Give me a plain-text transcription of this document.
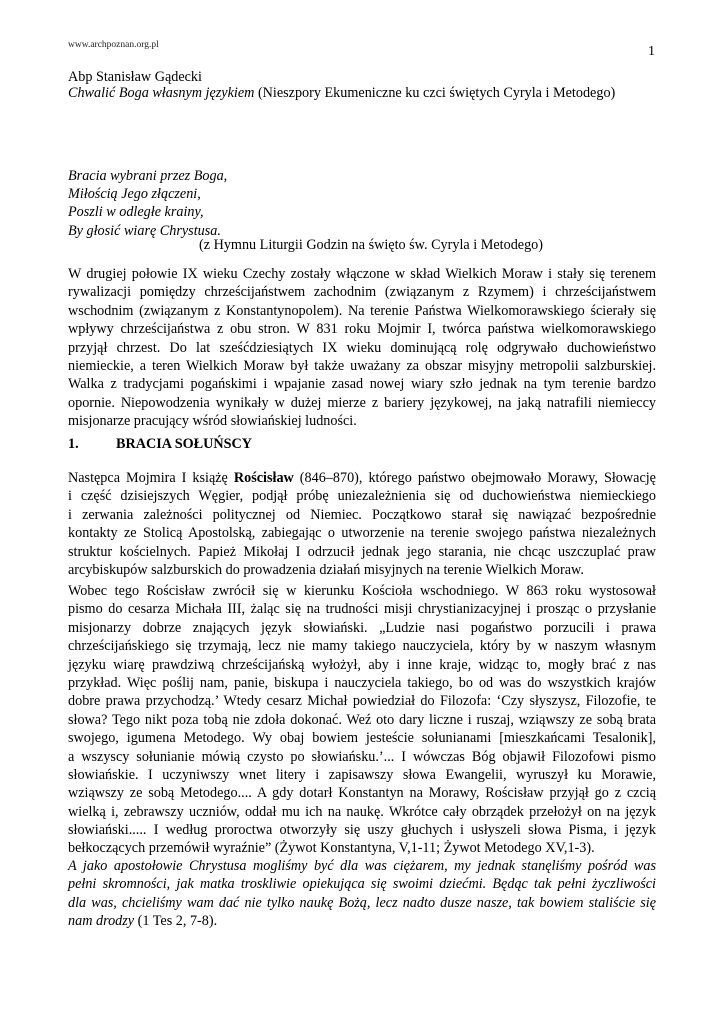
www.archpoznan.org.pl	1
Abp Stanisław Gądecki
Chwalić Boga własnym językiem (Nieszpory Ekumeniczne ku czci świętych Cyryla i Metodego)
Bracia wybrani przez Boga,
Miłością Jego złączeni,
Poszli w odległe krainy,
By głosić wiarę Chrystusa.
(z Hymnu Liturgii Godzin na święto św. Cyryla i Metodego)
W drugiej połowie IX wieku Czechy zostały włączone w skład Wielkich Moraw i stały się terenem
rywalizacji pomiędzy chrześcijaństwem zachodnim (związanym z Rzymem) i chrześcijaństwem
wschodnim (związanym z Konstantynopolem). Na terenie Państwa Wielkomorawskiego ścierały się
wpływy chrześcijaństwa z obu stron. W 831 roku Mojmir I, twórca państwa wielkomorawskiego
przyjął chrzest. Do lat sześćdziesiątych IX wieku dominującą rolę odgrywało duchowieństwo
niemieckie, a teren Wielkich Moraw był także uważany za obszar misyjny metropolii salzburskiej.
Walka z tradycjami pogańskimi i wpajanie zasad nowej wiary szło jednak na tym terenie bardzo
opornie. Niepowodzenia wynikały w dużej mierze z bariery językowej, na jaką natrafili niemieccy
misjonarze pracujący wśród słowiańskiej ludności.
1.	BRACIA SOŁUŃSCY
Następca Mojmira I książę Rościsław (846–870), którego państwo obejmowało Morawy, Słowację
i część dzisiejszych Węgier, podjął próbę uniezależnienia się od duchowieństwa niemieckiego
i zerwania zależności politycznej od Niemiec. Początkowo starał się nawiązać bezpośrednie
kontakty ze Stolicą Apostolską, zabiegając o utworzenie na terenie swojego państwa niezależnych
struktur kościelnych. Papież Mikołaj I odrzucił jednak jego starania, nie chcąc uszczuplać praw
arcybiskupów salzburskich do prowadzenia działań misyjnych na terenie Wielkich Moraw.
Wobec tego Rościsław zwrócił się w kierunku Kościoła wschodniego. W 863 roku wystosował
pismo do cesarza Michała III, żaląc się na trudności misji chrystianizacyjnej i prosząc o przysłanie
misjonarzy dobrze znających język słowiański. „Ludzie nasi pogaństwo porzucili i prawa
chrześcijańskiego się trzymają, lecz nie mamy takiego nauczyciela, który by w naszym własnym
języku wiarę prawdziwą chrześcijańską wyłożył, aby i inne kraje, widząc to, mogły brać z nas
przykład. Więc poślij nam, panie, biskupa i nauczyciela takiego, bo od was do wszystkich krajów
dobre prawa przychodzą.’ Wtedy cesarz Michał powiedział do Filozofa: ‘Czy słyszysz, Filozofie, te
słowa? Tego nikt poza tobą nie zdoła dokonać. Weź oto dary liczne i ruszaj, wziąwszy ze sobą brata
swojego, igumena Metodego. Wy obaj bowiem jesteście sołunianami [mieszkańcami Tesalonik],
a wszyscy sołunianie mówią czysto po słowiańsku.’... I wówczas Bóg objawił Filozofowi pismo
słowiańskie. I uczyniwszy wnet litery i zapisawszy słowa Ewangelii, wyruszył ku Morawie,
wziąwszy ze sobą Metodego.... A gdy dotarł Konstantyn na Morawy, Rościsław przyjął go z czcią
wielką i, zebrawszy uczniów, oddał mu ich na naukę. Wkrótce cały obrządek przełożył on na język
słowiański..... I według proroctwa otworzyły się uszy głuchych i usłyszeli słowa Pisma, i język
bełkoczących przemówił wyraźnie” (Żywot Konstantyna, V,1-11; Żywot Metodego XV,1-3).
A jako apostołowie Chrystusa mogliśmy być dla was ciężarem, my jednak stanęliśmy pośród was
pełni skromności, jak matka troskliwie opiekująca się swoimi dziećmi. Będąc tak pełni życzliwości
dla was, chcieliśmy wam dać nie tylko naukę Bożą, lecz nadto dusze nasze, tak bowiem staliście się
nam drodzy (1 Tes 2, 7-8).
